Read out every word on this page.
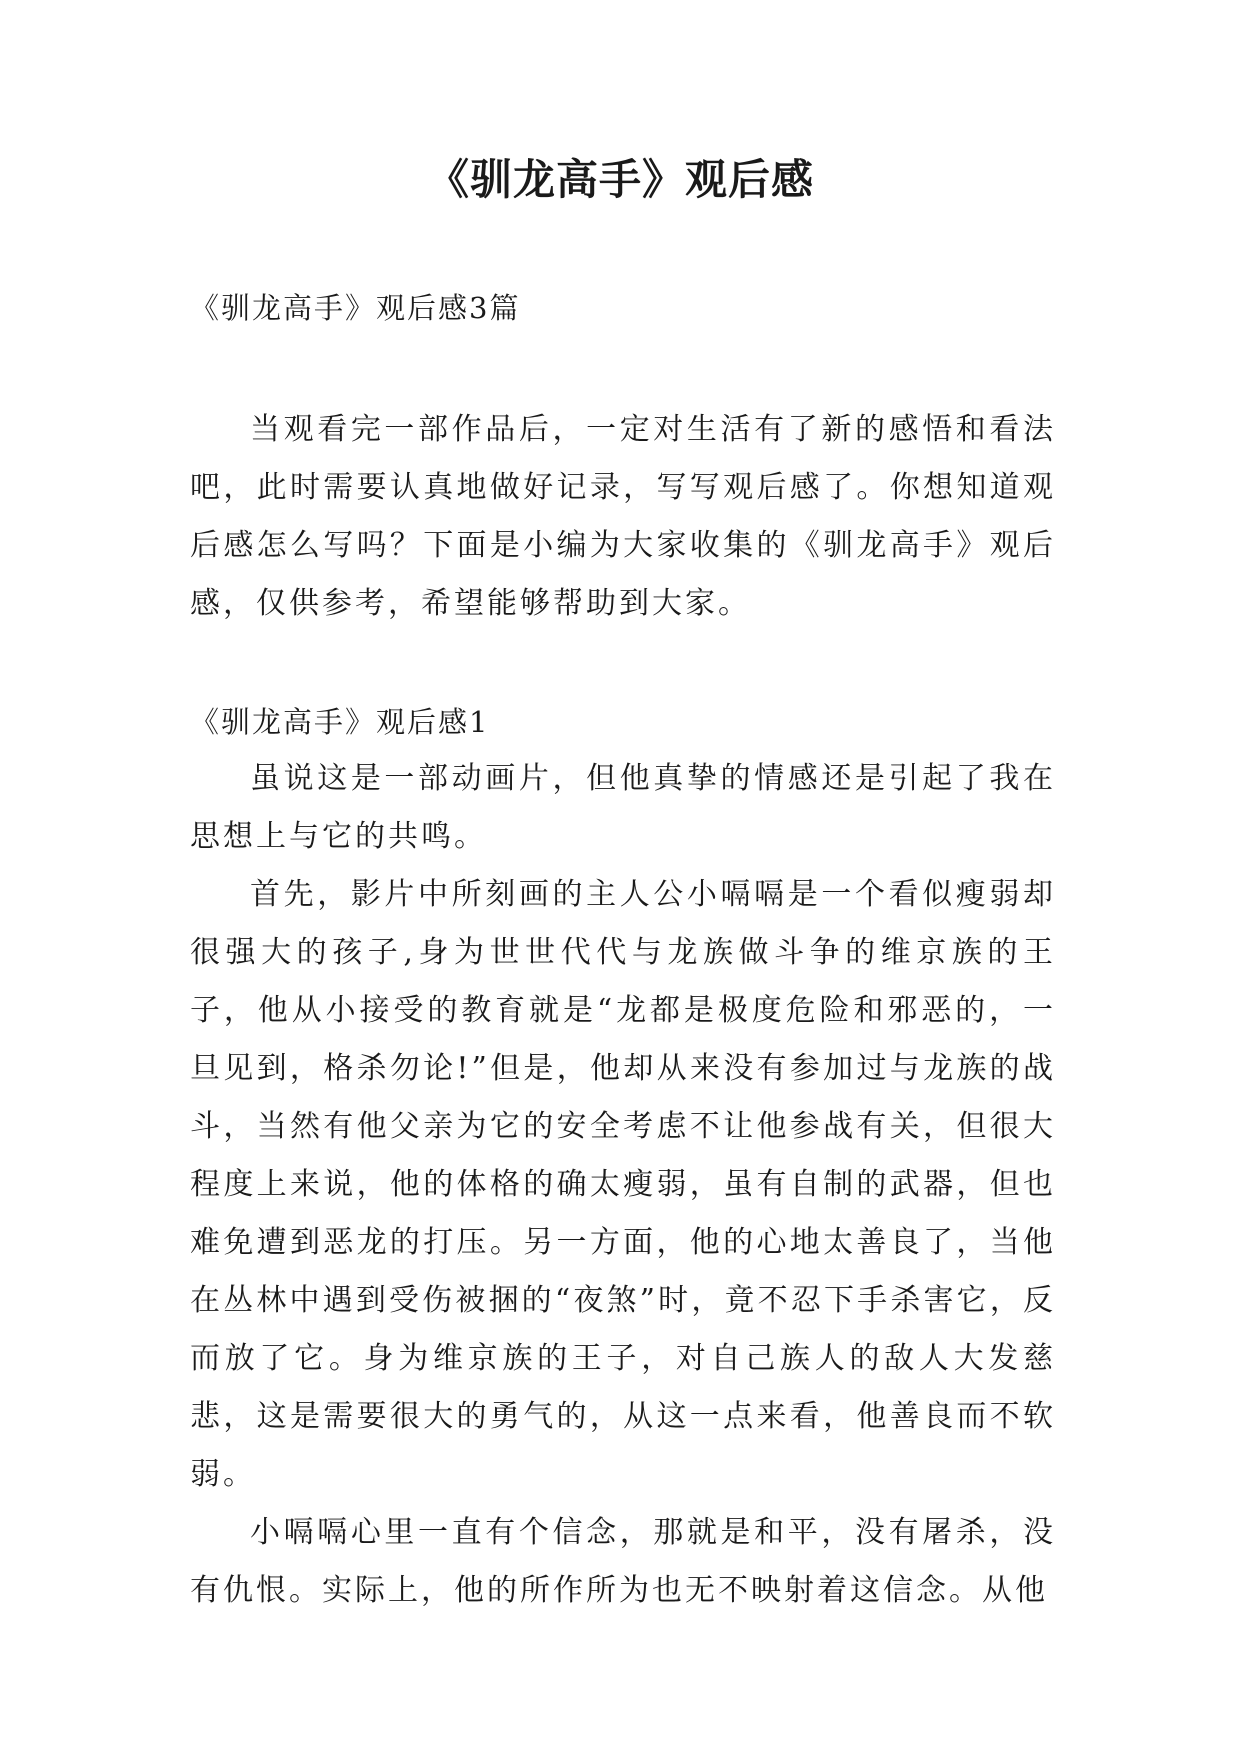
《驯龙高手》观后感
《驯龙高手》观后感3篇

当观看完一部作品后，一定对生活有了新的感悟和看法吧，此时需要认真地做好记录，写写观后感了。你想知道观后感怎么写吗？下面是小编为大家收集的《驯龙高手》观后感，仅供参考，希望能够帮助到大家。

《驯龙高手》观后感1

虽说这是一部动画片，但他真挚的情感还是引起了我在思想上与它的共鸣。

首先，影片中所刻画的主人公小嗝嗝是一个看似瘦弱却很强大的孩子,身为世世代代与龙族做斗争的维京族的王子，他从小接受的教育就是“龙都是极度危险和邪恶的，一旦见到，格杀勿论!”但是，他却从来没有参加过与龙族的战斗，当然有他父亲为它的安全考虑不让他参战有关，但很大程度上来说，他的体格的确太瘦弱，虽有自制的武器，但也难免遭到恶龙的打压。另一方面，他的心地太善良了，当他在丛林中遇到受伤被捆的“夜煞”时，竟不忍下手杀害它，反而放了它。身为维京族的王子，对自己族人的敌人大发慈悲，这是需要很大的勇气的，从这一点来看，他善良而不软弱。

小嗝嗝心里一直有个信念，那就是和平，没有屠杀，没有仇恨。实际上，他的所作所为也无不映射着这信念。从他
